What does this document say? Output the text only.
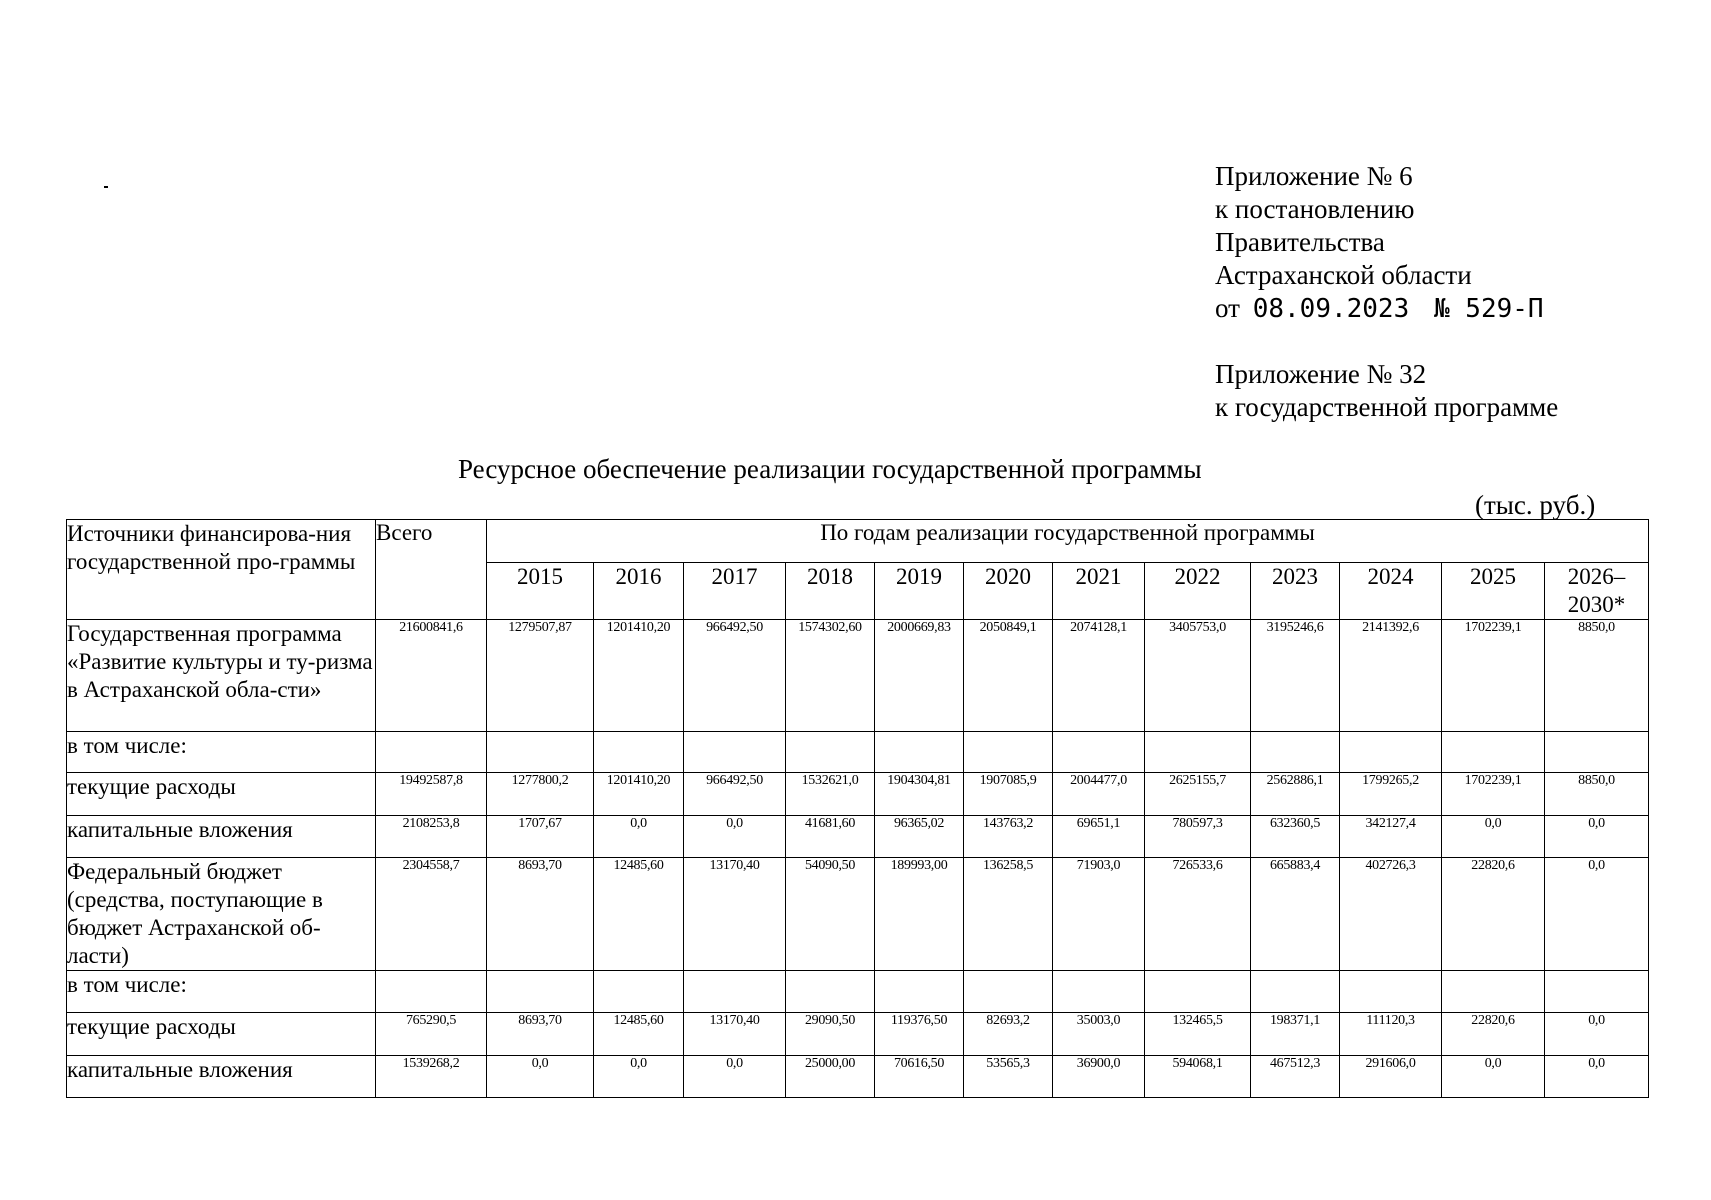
Приложение № 6
к постановлению
Правительства
Астраханской области
от 08.09.2023 № 529-П
Приложение № 32
к государственной программе
Ресурсное обеспечение реализации государственной программы
(тыс. руб.)
Источники финансирова-ния государственной про-граммы	Всего	По годам реализации государственной программы											
		2015	2016	2017	2018	2019	2020	2021	2022	2023	2024	2025	2026–2030*
Государственная программа «Развитие культуры и ту-ризма в Астраханской обла-сти»	21600841,6	1279507,87	1201410,20	966492,50	1574302,60	2000669,83	2050849,1	2074128,1	3405753,0	3195246,6	2141392,6	1702239,1	8850,0
в том числе:													
текущие расходы	19492587,8	1277800,2	1201410,20	966492,50	1532621,0	1904304,81	1907085,9	2004477,0	2625155,7	2562886,1	1799265,2	1702239,1	8850,0
капитальные вложения	2108253,8	1707,67	0,0	0,0	41681,60	96365,02	143763,2	69651,1	780597,3	632360,5	342127,4	0,0	0,0
Федеральный бюджет (средства, поступающие в бюджет Астраханской об-ласти)	2304558,7	8693,70	12485,60	13170,40	54090,50	189993,00	136258,5	71903,0	726533,6	665883,4	402726,3	22820,6	0,0
в том числе:													
текущие расходы	765290,5	8693,70	12485,60	13170,40	29090,50	119376,50	82693,2	35003,0	132465,5	198371,1	111120,3	22820,6	0,0
капитальные вложения	1539268,2	0,0	0,0	0,0	25000,00	70616,50	53565,3	36900,0	594068,1	467512,3	291606,0	0,0	0,0
